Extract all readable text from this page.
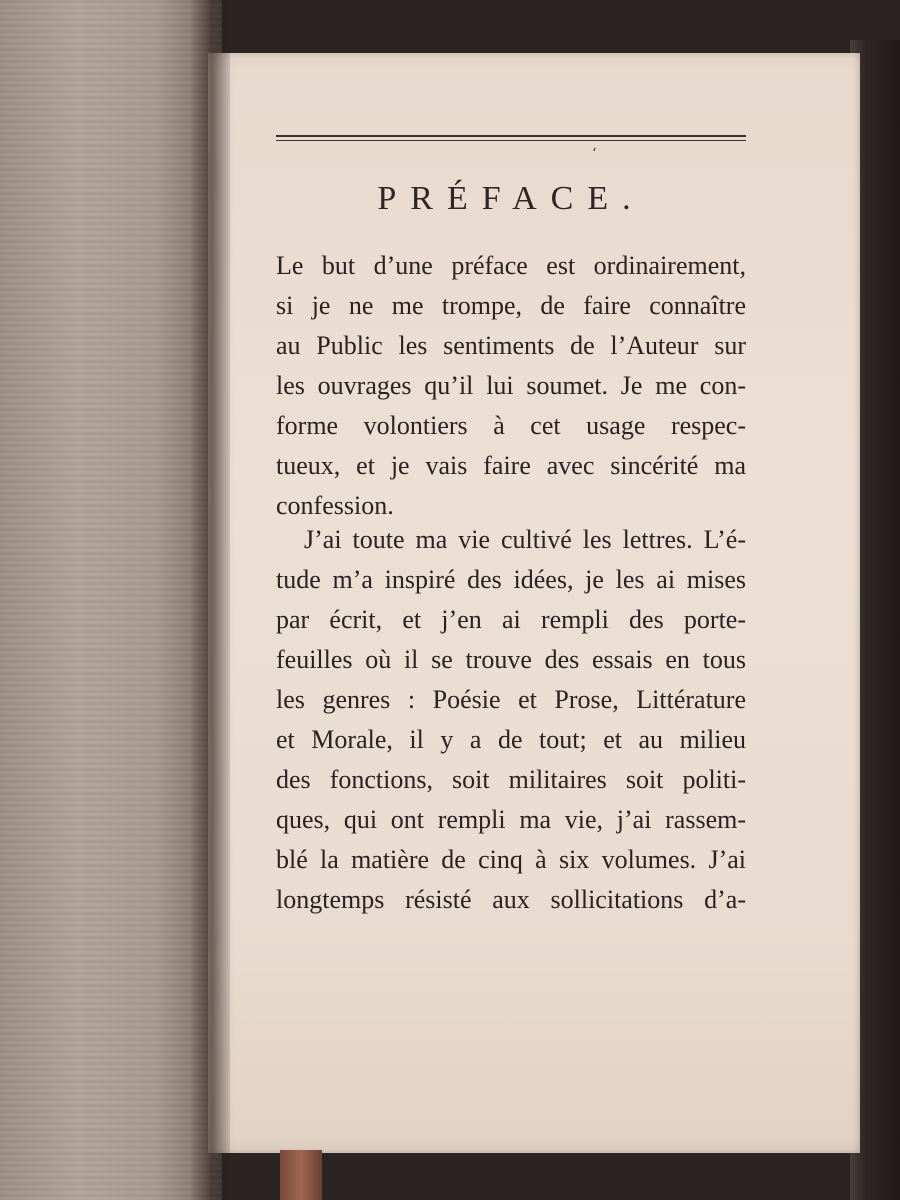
ʻ
PRÉFACE.
Le but d’une préface est ordinairement,
si je ne me trompe, de faire connaître
au Public les sentiments de l’Auteur sur
les ouvrages qu’il lui soumet. Je me con-
forme volontiers à cet usage respec-
tueux, et je vais faire avec sincérité ma
confession.
J’ai toute ma vie cultivé les lettres. L’é-
tude m’a inspiré des idées, je les ai mises
par écrit, et j’en ai rempli des porte-
feuilles où il se trouve des essais en tous
les genres : Poésie et Prose, Littérature
et Morale, il y a de tout; et au milieu
des fonctions, soit militaires soit politi-
ques, qui ont rempli ma vie, j’ai rassem-
blé la matière de cinq à six volumes. J’ai
longtemps résisté aux sollicitations d’a-
